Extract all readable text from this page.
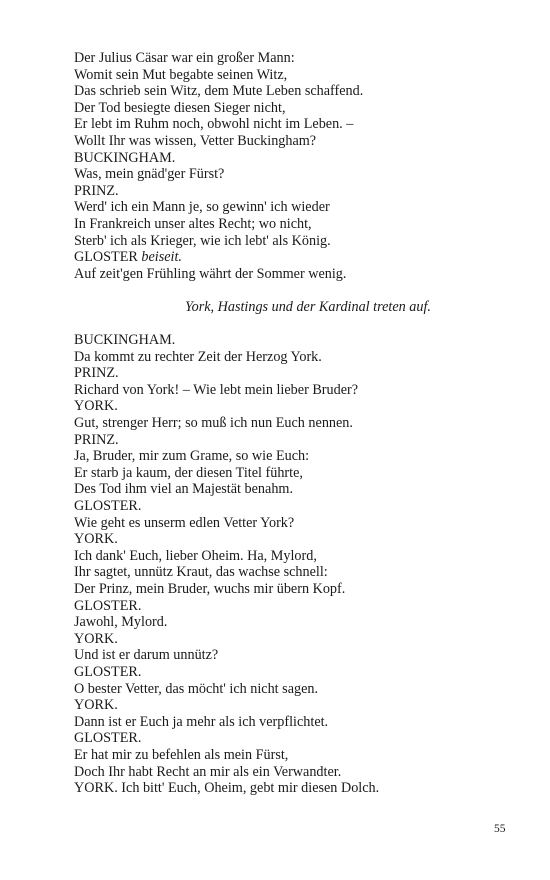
Der Julius Cäsar war ein großer Mann:
Womit sein Mut begabte seinen Witz,
Das schrieb sein Witz, dem Mute Leben schaffend.
Der Tod besiegte diesen Sieger nicht,
Er lebt im Ruhm noch, obwohl nicht im Leben. –
Wollt Ihr was wissen, Vetter Buckingham?
BUCKINGHAM.
Was, mein gnäd'ger Fürst?
PRINZ.
Werd' ich ein Mann je, so gewinn' ich wieder
In Frankreich unser altes Recht; wo nicht,
Sterb' ich als Krieger, wie ich lebt' als König.
GLOSTER beiseit.
Auf zeit'gen Frühling währt der Sommer wenig.
York, Hastings und der Kardinal treten auf.
BUCKINGHAM.
Da kommt zu rechter Zeit der Herzog York.
PRINZ.
Richard von York! – Wie lebt mein lieber Bruder?
YORK.
Gut, strenger Herr; so muß ich nun Euch nennen.
PRINZ.
Ja, Bruder, mir zum Grame, so wie Euch:
Er starb ja kaum, der diesen Titel führte,
Des Tod ihm viel an Majestät benahm.
GLOSTER.
Wie geht es unserm edlen Vetter York?
YORK.
Ich dank' Euch, lieber Oheim. Ha, Mylord,
Ihr sagtet, unnütz Kraut, das wachse schnell:
Der Prinz, mein Bruder, wuchs mir übern Kopf.
GLOSTER.
Jawohl, Mylord.
YORK.
Und ist er darum unnütz?
GLOSTER.
O bester Vetter, das möcht' ich nicht sagen.
YORK.
Dann ist er Euch ja mehr als ich verpflichtet.
GLOSTER.
Er hat mir zu befehlen als mein Fürst,
Doch Ihr habt Recht an mir als ein Verwandter.
YORK. Ich bitt' Euch, Oheim, gebt mir diesen Dolch.
55
